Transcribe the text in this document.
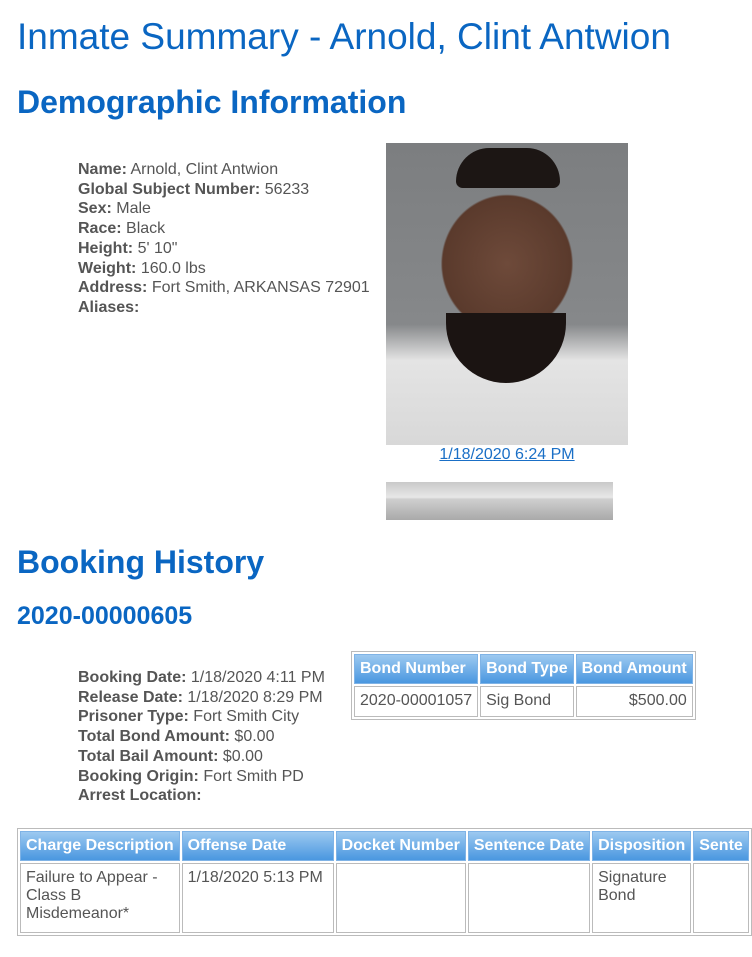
Inmate Summary - Arnold, Clint Antwion
Demographic Information
Name: Arnold, Clint Antwion
Global Subject Number: 56233
Sex: Male
Race: Black
Height: 5' 10"
Weight: 160.0 lbs
Address: Fort Smith, ARKANSAS 72901
Aliases:
1/18/2020 6:24 PM
Booking History
2020-00000605
Booking Date: 1/18/2020 4:11 PM
Release Date: 1/18/2020 8:29 PM
Prisoner Type: Fort Smith City
Total Bond Amount: $0.00
Total Bail Amount: $0.00
Booking Origin: Fort Smith PD
Arrest Location:
Bond Number	Bond Type	Bond Amount
2020-00001057	Sig Bond	$500.00
Charge Description	Offense Date	Docket Number	Sentence Date	Disposition	Sente
Failure to Appear - Class B Misdemeanor*	1/18/2020 5:13 PM			Signature Bond	
